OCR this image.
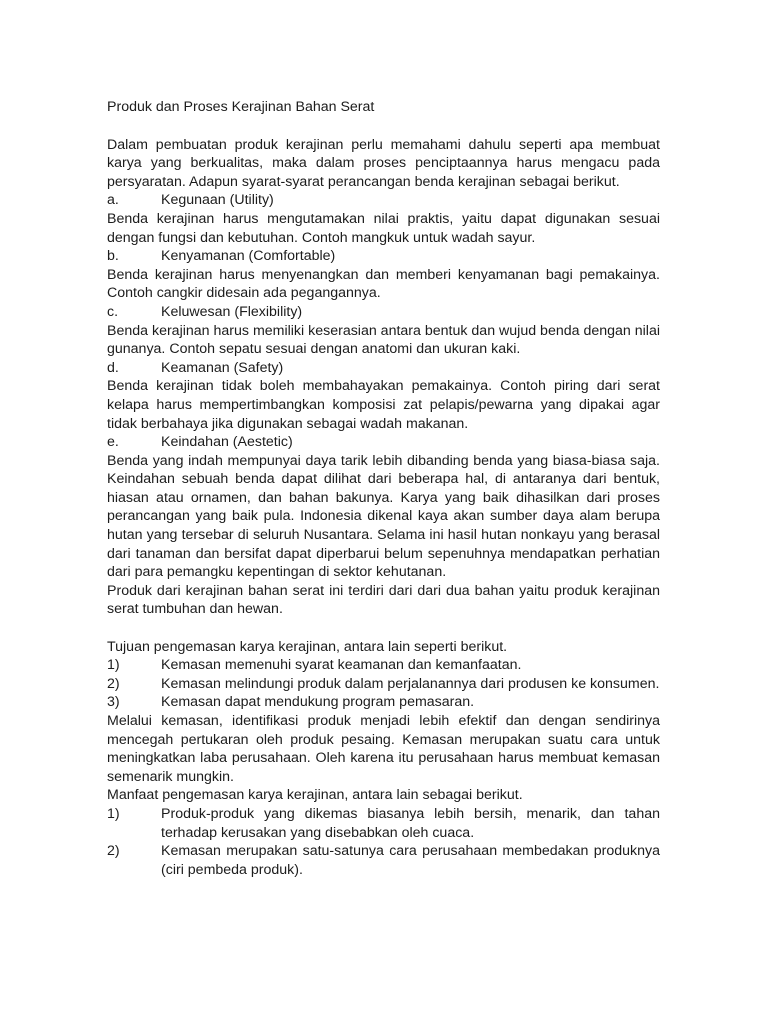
Produk dan Proses Kerajinan Bahan Serat

Dalam pembuatan produk kerajinan perlu memahami dahulu seperti apa membuat karya yang berkualitas, maka dalam proses penciptaannya harus mengacu pada persyaratan. Adapun syarat-syarat perancangan benda kerajinan sebagai berikut.

a.	Kegunaan (Utility)

Benda kerajinan harus mengutamakan nilai praktis, yaitu dapat digunakan sesuai dengan fungsi dan kebutuhan. Contoh mangkuk untuk wadah sayur.

b.	Kenyamanan (Comfortable)

Benda kerajinan harus menyenangkan dan memberi kenyamanan bagi pemakainya. Contoh cangkir didesain ada pegangannya.

c.	Keluwesan (Flexibility)

Benda kerajinan harus memiliki keserasian antara bentuk dan wujud benda dengan nilai gunanya. Contoh sepatu sesuai dengan anatomi dan ukuran kaki.

d.	Keamanan (Safety)

Benda kerajinan tidak boleh membahayakan pemakainya. Contoh piring dari serat kelapa harus mempertimbangkan komposisi zat pelapis/pewarna yang dipakai agar tidak berbahaya jika digunakan sebagai wadah makanan.

e.	Keindahan (Aestetic)

Benda yang indah mempunyai daya tarik lebih dibanding benda yang biasa-biasa saja. Keindahan sebuah benda dapat dilihat dari beberapa hal, di antaranya dari bentuk, hiasan atau ornamen, dan bahan bakunya. Karya yang baik dihasilkan dari proses perancangan yang baik pula. Indonesia dikenal kaya akan sumber daya alam berupa hutan yang tersebar di seluruh Nusantara. Selama ini hasil hutan nonkayu yang berasal dari tanaman dan bersifat dapat diperbarui belum sepenuhnya mendapatkan perhatian dari para pemangku kepentingan di sektor kehutanan.

Produk dari kerajinan bahan serat ini terdiri dari dari dua bahan yaitu produk kerajinan serat tumbuhan dan hewan.

Tujuan pengemasan karya kerajinan, antara lain seperti berikut.

1)	Kemasan memenuhi syarat keamanan dan kemanfaatan.
2)	Kemasan melindungi produk dalam perjalanannya dari produsen ke konsumen.
3)	Kemasan dapat mendukung program pemasaran.

Melalui kemasan, identifikasi produk menjadi lebih efektif dan dengan sendirinya mencegah pertukaran oleh produk pesaing. Kemasan merupakan suatu cara untuk meningkatkan laba perusahaan. Oleh karena itu perusahaan harus membuat kemasan semenarik mungkin.

Manfaat pengemasan karya kerajinan, antara lain sebagai berikut.

1)	Produk-produk yang dikemas biasanya lebih bersih, menarik, dan tahan terhadap kerusakan yang disebabkan oleh cuaca.
2)	Kemasan merupakan satu-satunya cara perusahaan membedakan produknya (ciri pembeda produk).
